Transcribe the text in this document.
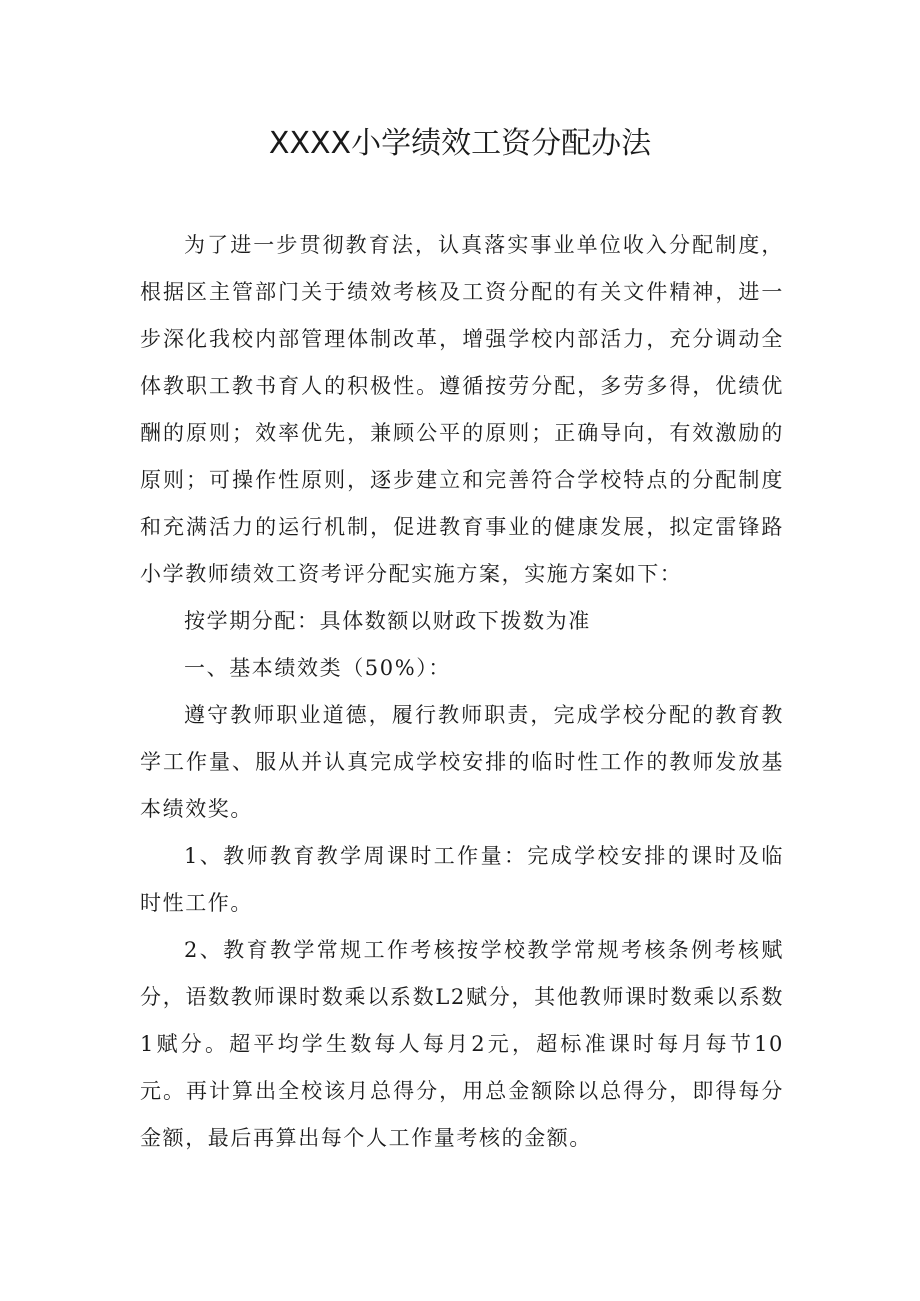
XXXX小学绩效工资分配办法

为了进一步贯彻教育法，认真落实事业单位收入分配制度，根据区主管部门关于绩效考核及工资分配的有关文件精神，进一步深化我校内部管理体制改革，增强学校内部活力，充分调动全体教职工教书育人的积极性。遵循按劳分配，多劳多得，优绩优酬的原则；效率优先，兼顾公平的原则；正确导向，有效激励的原则；可操作性原则，逐步建立和完善符合学校特点的分配制度和充满活力的运行机制，促进教育事业的健康发展，拟定雷锋路小学教师绩效工资考评分配实施方案，实施方案如下：

按学期分配：具体数额以财政下拨数为准

一、基本绩效类（50%）：

遵守教师职业道德，履行教师职责，完成学校分配的教育教学工作量、服从并认真完成学校安排的临时性工作的教师发放基本绩效奖。

1、教师教育教学周课时工作量：完成学校安排的课时及临时性工作。

2、教育教学常规工作考核按学校教学常规考核条例考核赋分，语数教师课时数乘以系数L2赋分，其他教师课时数乘以系数1赋分。超平均学生数每人每月2元，超标准课时每月每节10元。再计算出全校该月总得分，用总金额除以总得分，即得每分金额，最后再算出每个人工作量考核的金额。
